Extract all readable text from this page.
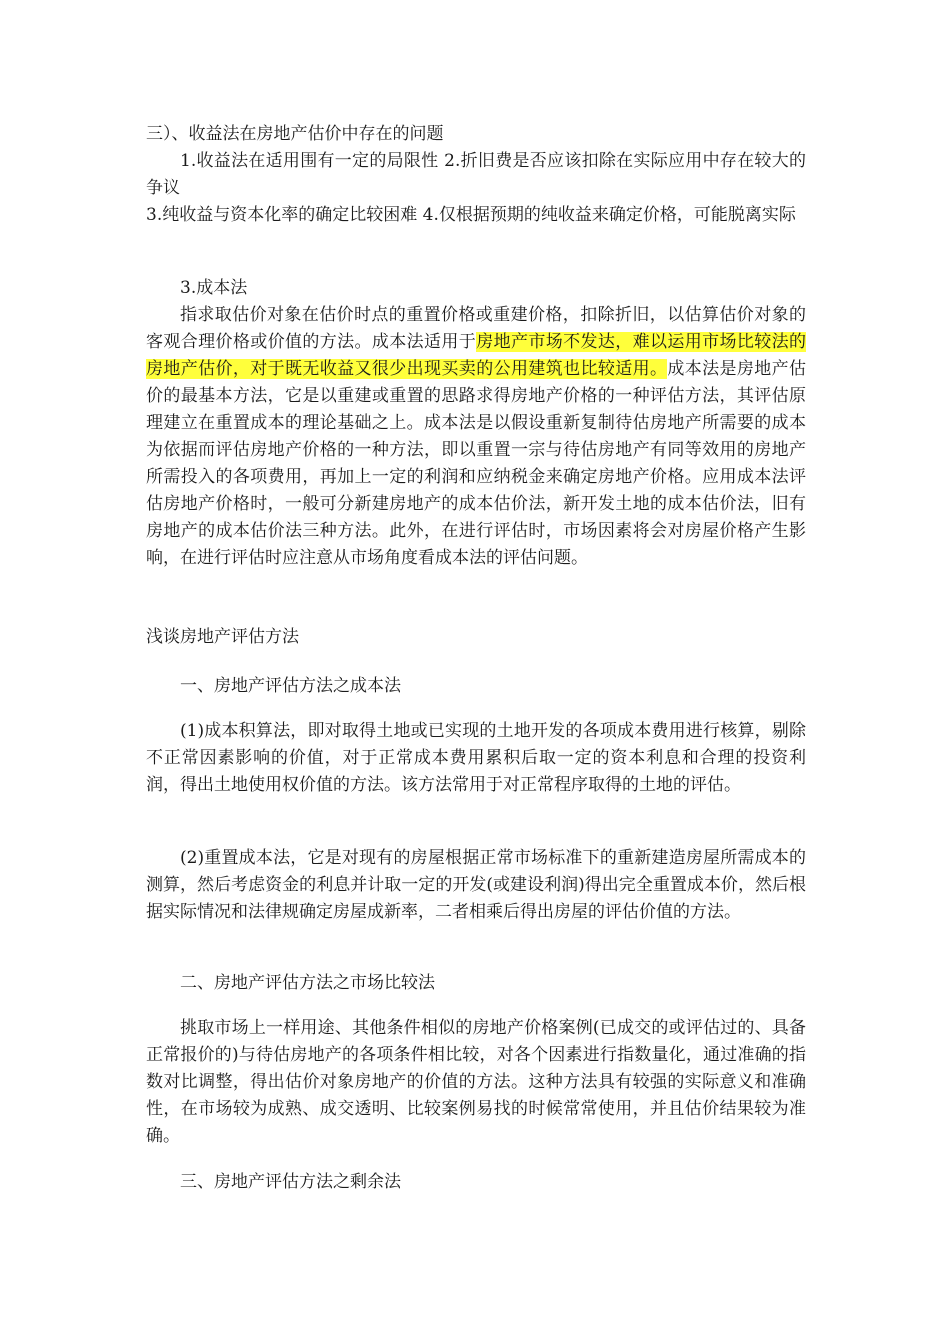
三）、收益法在房地产估价中存在的问题

1.收益法在适用围有一定的局限性 2.折旧费是否应该扣除在实际应用中存在较大的争议

3.纯收益与资本化率的确定比较困难 4.仅根据预期的纯收益来确定价格，可能脱离实际

3.成本法

指求取估价对象在估价时点的重置价格或重建价格，扣除折旧，以估算估价对象的客观合理价格或价值的方法。成本法适用于房地产市场不发达，难以运用市场比较法的房地产估价，对于既无收益又很少出现买卖的公用建筑也比较适用。成本法是房地产估价的最基本方法，它是以重建或重置的思路求得房地产价格的一种评估方法，其评估原理建立在重置成本的理论基础之上。成本法是以假设重新复制待估房地产所需要的成本为依据而评估房地产价格的一种方法，即以重置一宗与待估房地产有同等效用的房地产所需投入的各项费用，再加上一定的利润和应纳税金来确定房地产价格。应用成本法评估房地产价格时，一般可分新建房地产的成本估价法，新开发土地的成本估价法，旧有房地产的成本估价法三种方法。此外，在进行评估时，市场因素将会对房屋价格产生影响，在进行评估时应注意从市场角度看成本法的评估问题。

浅谈房地产评估方法
一、房地产评估方法之成本法

(1)成本积算法，即对取得土地或已实现的土地开发的各项成本费用进行核算，剔除不正常因素影响的价值，对于正常成本费用累积后取一定的资本利息和合理的投资利润，得出土地使用权价值的方法。该方法常用于对正常程序取得的土地的评估。

(2)重置成本法，它是对现有的房屋根据正常市场标准下的重新建造房屋所需成本的测算，然后考虑资金的利息并计取一定的开发(或建设利润)得出完全重置成本价，然后根据实际情况和法律规确定房屋成新率，二者相乘后得出房屋的评估价值的方法。

二、房地产评估方法之市场比较法

挑取市场上一样用途、其他条件相似的房地产价格案例(已成交的或评估过的、具备正常报价的)与待估房地产的各项条件相比较，对各个因素进行指数量化，通过准确的指数对比调整，得出估价对象房地产的价值的方法。这种方法具有较强的实际意义和准确性，在市场较为成熟、成交透明、比较案例易找的时候常常使用，并且估价结果较为准确。

三、房地产评估方法之剩余法
